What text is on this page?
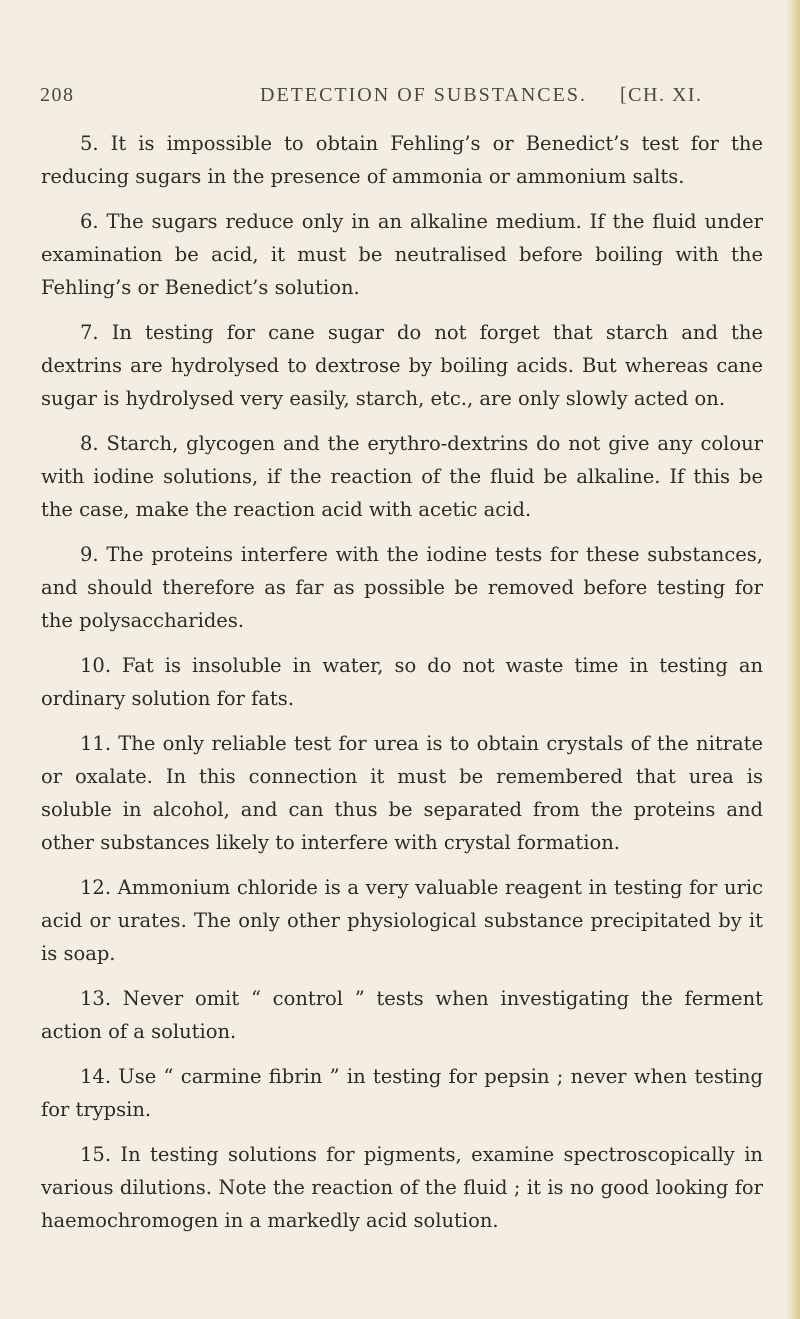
208	DETECTION OF SUBSTANCES. [CH. XI.

5. It is impossible to obtain Fehling’s or Benedict’s test for the reducing sugars in the presence of ammonia or ammonium salts.

6. The sugars reduce only in an alkaline medium. If the fluid under examination be acid, it must be neutralised before boiling with the Fehling’s or Benedict’s solution.

7. In testing for cane sugar do not forget that starch and the dextrins are hydrolysed to dextrose by boiling acids. But whereas cane sugar is hydrolysed very easily, starch, etc., are only slowly acted on.

8. Starch, glycogen and the erythro-dextrins do not give any colour with iodine solutions, if the reaction of the fluid be alkaline. If this be the case, make the reaction acid with acetic acid.

9. The proteins interfere with the iodine tests for these substances, and should therefore as far as possible be removed before testing for the polysaccharides.

10. Fat is insoluble in water, so do not waste time in testing an ordinary solution for fats.

11. The only reliable test for urea is to obtain crystals of the nitrate or oxalate. In this connection it must be remembered that urea is soluble in alcohol, and can thus be separated from the proteins and other substances likely to interfere with crystal formation.

12. Ammonium chloride is a very valuable reagent in testing for uric acid or urates. The only other physiological substance precipitated by it is soap.

13. Never omit “ control ” tests when investigating the ferment action of a solution.

14. Use “ carmine fibrin ” in testing for pepsin ; never when testing for trypsin.

15. In testing solutions for pigments, examine spectroscopically in various dilutions. Note the reaction of the fluid ; it is no good looking for haemochromogen in a markedly acid solution.
